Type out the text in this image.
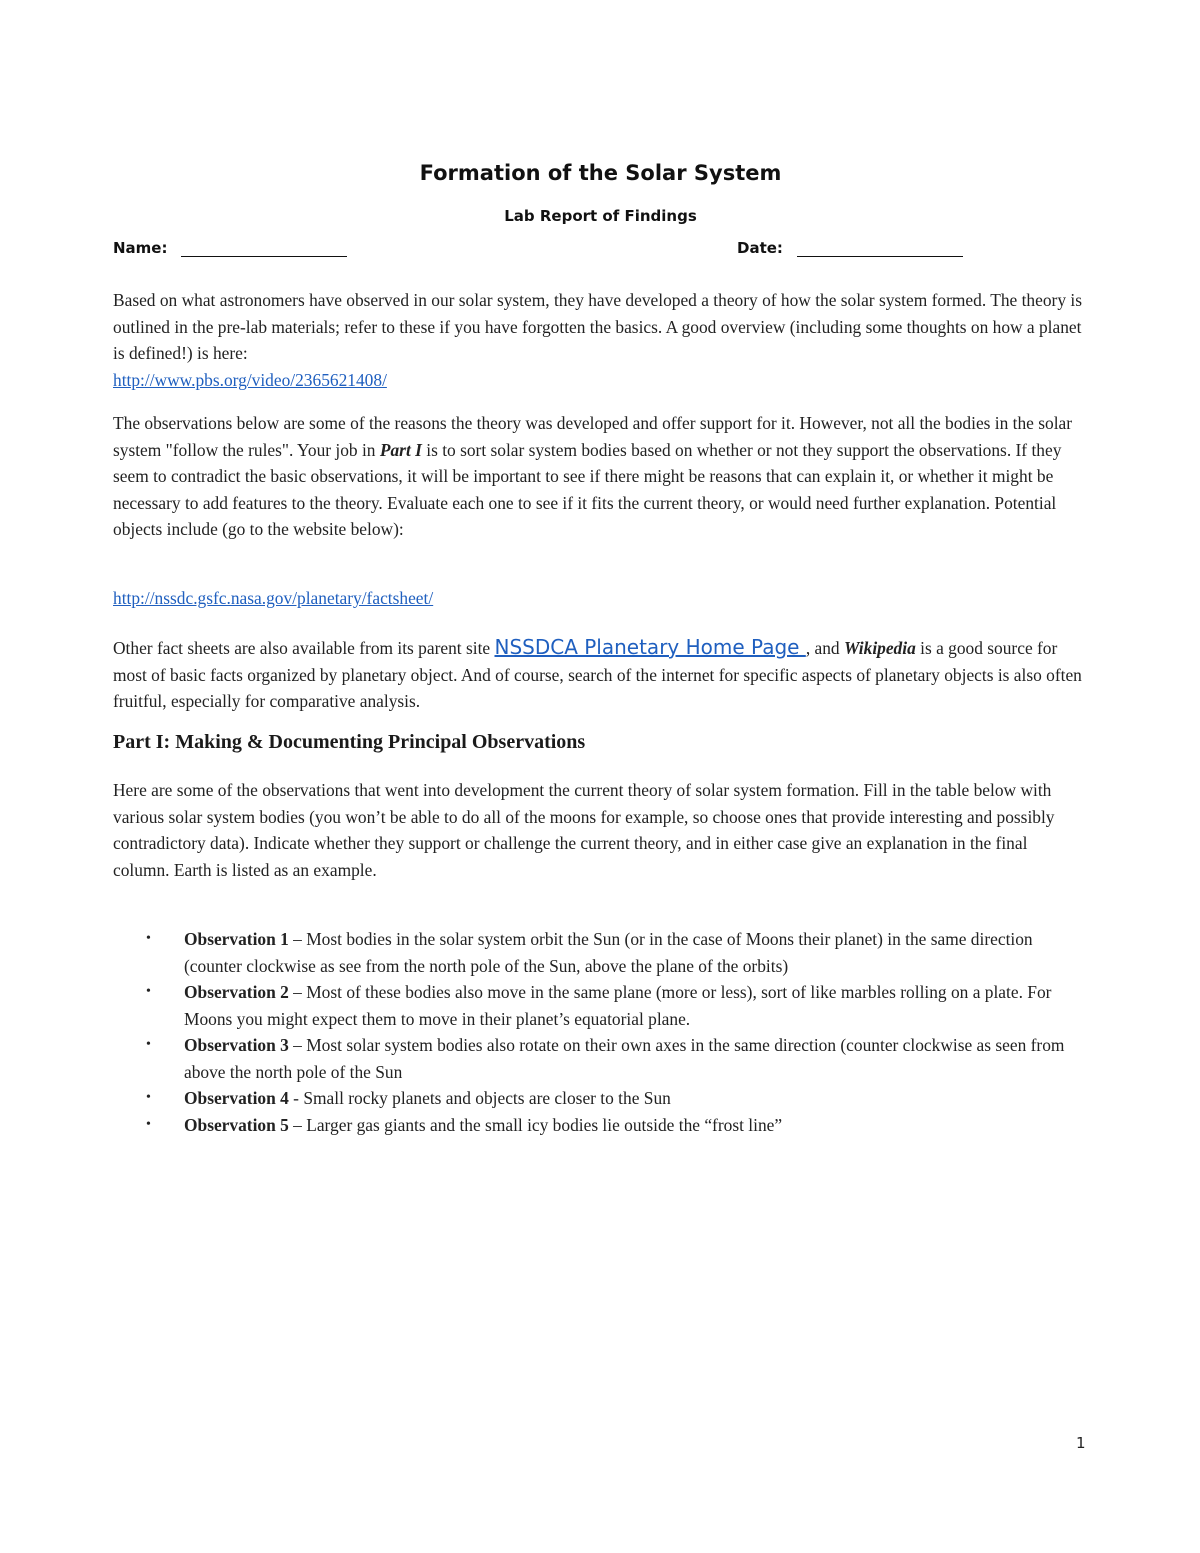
Formation of the Solar System
Lab Report of Findings
Name:	Date:

Based on what astronomers have observed in our solar system, they have developed a theory of how the solar system formed. The theory is outlined in the pre-lab materials; refer to these if you have forgotten the basics. A good overview (including some thoughts on how a planet is defined!) is here:
http://www.pbs.org/video/2365621408/

The observations below are some of the reasons the theory was developed and offer support for it. However, not all the bodies in the solar system "follow the rules". Your job in Part I is to sort solar system bodies based on whether or not they support the observations. If they seem to contradict the basic observations, it will be important to see if there might be reasons that can explain it, or whether it might be necessary to add features to the theory. Evaluate each one to see if it fits the current theory, or would need further explanation. Potential objects include (go to the website below):

http://nssdc.gsfc.nasa.gov/planetary/factsheet/

Other fact sheets are also available from its parent site NSSDCA Planetary Home Page , and Wikipedia is a good source for most of basic facts organized by planetary object. And of course, search of the internet for specific aspects of planetary objects is also often fruitful, especially for comparative analysis.

Part I: Making & Documenting Principal Observations

Here are some of the observations that went into development the current theory of solar system formation. Fill in the table below with various solar system bodies (you won’t be able to do all of the moons for example, so choose ones that provide interesting and possibly contradictory data). Indicate whether they support or challenge the current theory, and in either case give an explanation in the final column. Earth is listed as an example.

• Observation 1 – Most bodies in the solar system orbit the Sun (or in the case of Moons their planet) in the same direction (counter clockwise as see from the north pole of the Sun, above the plane of the orbits)
• Observation 2 – Most of these bodies also move in the same plane (more or less), sort of like marbles rolling on a plate. For Moons you might expect them to move in their planet’s equatorial plane.
• Observation 3 – Most solar system bodies also rotate on their own axes in the same direction (counter clockwise as seen from above the north pole of the Sun
• Observation 4 - Small rocky planets and objects are closer to the Sun
• Observation 5 – Larger gas giants and the small icy bodies lie outside the “frost line”
1
